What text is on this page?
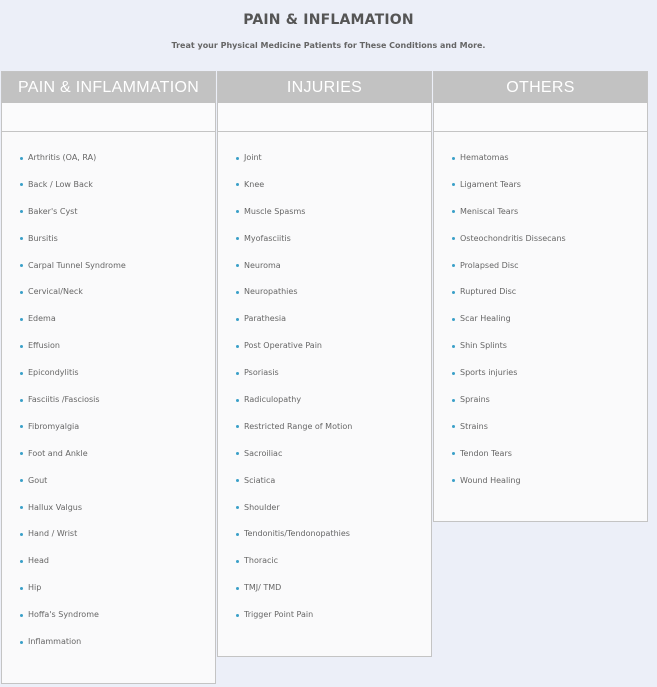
PAIN & INFLAMATION
Treat your Physical Medicine Patients for These Conditions and More.
PAIN & INFLAMMATION
Arthritis (OA, RA)
Back / Low Back
Baker's Cyst
Bursitis
Carpal Tunnel Syndrome
Cervical/Neck
Edema
Effusion
Epicondylitis
Fasciitis /Fasciosis
Fibromyalgia
Foot and Ankle
Gout
Hallux Valgus
Hand / Wrist
Head
Hip
Hoffa's Syndrome
Inflammation
INJURIES
Joint
Knee
Muscle Spasms
Myofasciitis
Neuroma
Neuropathies
Parathesia
Post Operative Pain
Psoriasis
Radiculopathy
Restricted Range of Motion
Sacroiliac
Sciatica
Shoulder
Tendonitis/Tendonopathies
Thoracic
TMJ/ TMD
Trigger Point Pain
OTHERS
Hematomas
Ligament Tears
Meniscal Tears
Osteochondritis Dissecans
Prolapsed Disc
Ruptured Disc
Scar Healing
Shin Splints
Sports injuries
Sprains
Strains
Tendon Tears
Wound Healing
